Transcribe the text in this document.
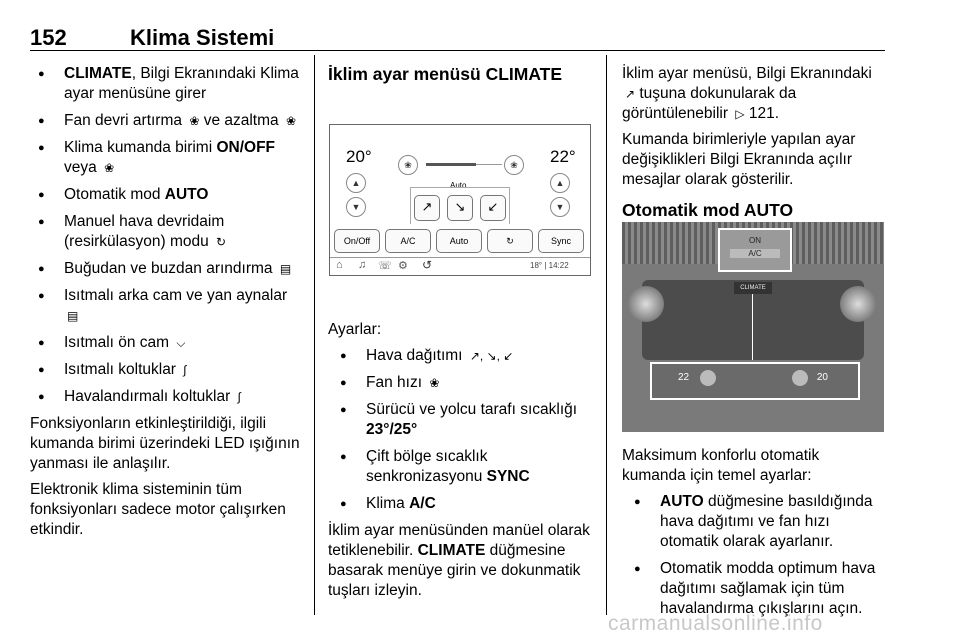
152	Klima Sistemi
● CLIMATE, Bilgi Ekranındaki Klima ayar menüsüne girer
● Fan devri artırma ❀ ve azaltma ❀
● Klima kumanda birimi ON/OFF veya ❀
● Otomatik mod AUTO
● Manuel hava devridaim (resirkülasyon) modu ↻
● Buğudan ve buzdan arındırma ▤
● Isıtmalı arka cam ve yan aynalar ▤
● Isıtmalı ön cam ⌵
● Isıtmalı koltuklar ∫
● Havalandırmalı koltuklar ∫

Fonksiyonların etkinleştirildiği, ilgili kumanda birimi üzerindeki LED ışığının yanması ile anlaşılır.

Elektronik klima sisteminin tüm fonksiyonları sadece motor çalışırken etkindir.

İklim ayar menüsü CLIMATE
20°	22°
❀	❀
▲
▼
▲
▼
Auto
↗	↘	↙
On/Off	A/C	Auto	↻	Sync
⌂ ♫ ☏ ⚙ ↺	18° | 14:22

Ayarlar:

● Hava dağıtımı ↗, ↘, ↙
● Fan hızı ❀
● Sürücü ve yolcu tarafı sıcaklığı 23°/25°
● Çift bölge sıcaklık senkronizasyonu SYNC
● Klima A/C

İklim ayar menüsünden manüel olarak tetiklenebilir. CLIMATE düğmesine basarak menüye girin ve dokunmatik tuşları izleyin.

İklim ayar menüsü, Bilgi Ekranındaki ↗ tuşuna dokunularak da görüntülenebilir ▷ 121.

Kumanda birimleriyle yapılan ayar değişiklikleri Bilgi Ekranında açılır mesajlar olarak gösterilir.

Otomatik mod AUTO
ON
A/C
CLIMATE
22	20

Maksimum konforlu otomatik kumanda için temel ayarlar:

● AUTO düğmesine basıldığında hava dağıtımı ve fan hızı otomatik olarak ayarlanır.
● Otomatik modda optimum hava dağıtımı sağlamak için tüm havalandırma çıkışlarını açın.
carmanualsonline.info
